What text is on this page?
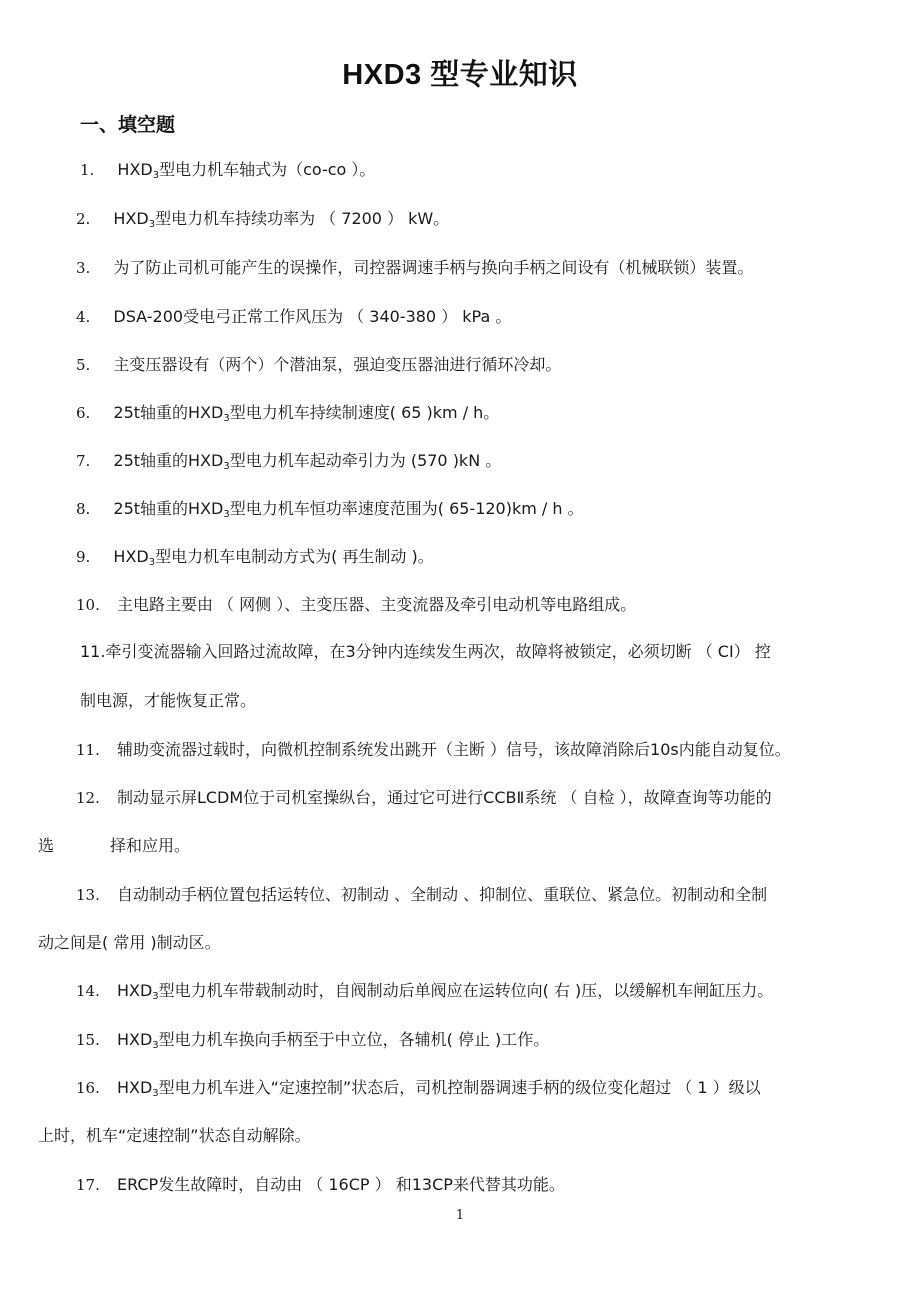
HXD3 型专业知识
一、填空题
1. $HXD_3$型电力机车轴式为（co-co ）。
2. $HXD_3$型电力机车持续功率为 （ 7200 ） kW。
3. 为了防止司机可能产生的误操作，司控器调速手柄与换向手柄之间设有（机械联锁）装置。
4. DSA-200受电弓正常工作风压为 （ 340-380 ） kPa 。
5. 主变压器设有（两个）个潜油泵，强迫变压器油进行循环冷却。
6. 25t轴重的$HXD_3$型电力机车持续制速度( 65 )km / h。
7. 25t轴重的$HXD_3$型电力机车起动牵引力为 (570 )kN 。
8. 25t轴重的$HXD_3$型电力机车恒功率速度范围为( 65-120)km / h 。
9. $HXD_3$型电力机车电制动方式为( 再生制动 )。
10. 主电路主要由 （ 网侧 ）、主变压器、主变流器及牵引电动机等电路组成。
11.牵引变流器输入回路过流故障，在3分钟内连续发生两次，故障将被锁定，必须切断 （ CI） 控
制电源，才能恢复正常。
11. 辅助变流器过载时，向微机控制系统发出跳开（主断 ）信号，该故障消除后10s内能自动复位。
12. 制动显示屏LCDM位于司机室操纵台，通过它可进行CCBⅡ系统 （ 自检 ），故障查询等功能的
选	择和应用。
13. 自动制动手柄位置包括运转位、初制动 、全制动 、抑制位、重联位、紧急位。初制动和全制
动之间是( 常用 )制动区。
14. $HXD_3$型电力机车带载制动时，自阀制动后单阀应在运转位向( 右 )压，以缓解机车闸缸压力。
15. $HXD_3$型电力机车换向手柄至于中立位，各辅机( 停止 )工作。
16. $HXD_3$型电力机车进入“定速控制”状态后，司机控制器调速手柄的级位变化超过 （ 1 ）级以
上时，机车“定速控制”状态自动解除。
17. ERCP发生故障时，自动由 （ 16CP ） 和13CP来代替其功能。
1
